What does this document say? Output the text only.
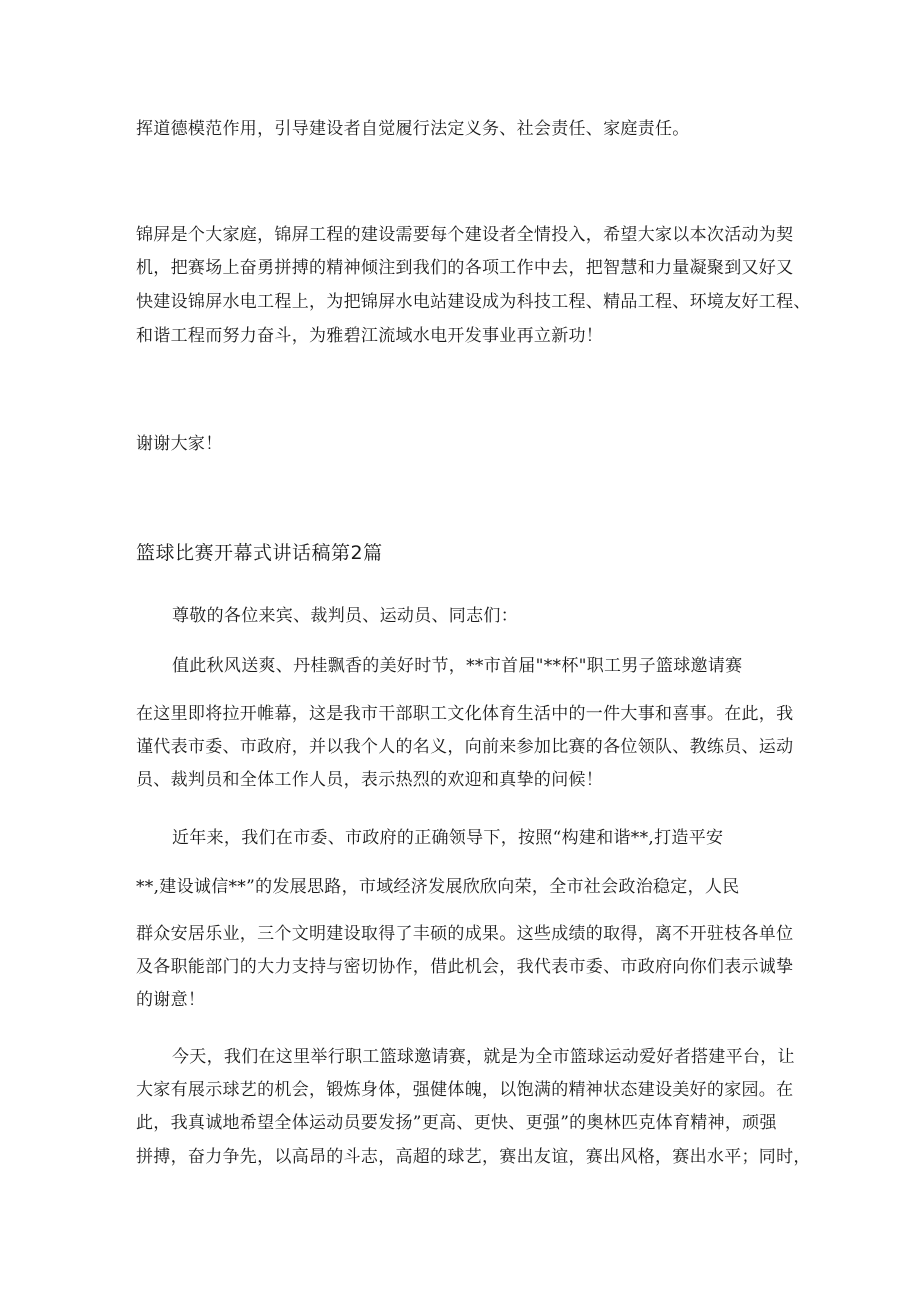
挥道德模范作用，引导建设者自觉履行法定义务、社会责任、家庭责任。
锦屏是个大家庭，锦屏工程的建设需要每个建设者全情投入，希望大家以本次活动为契
机，把赛场上奋勇拼搏的精神倾注到我们的各项工作中去，把智慧和力量凝聚到又好又
快建设锦屏水电工程上，为把锦屏水电站建设成为科技工程、精品工程、环境友好工程、
和谐工程而努力奋斗，为雅碧江流域水电开发事业再立新功！
谢谢大家！
篮球比赛开幕式讲话稿第2篇
尊敬的各位来宾、裁判员、运动员、同志们：
值此秋风送爽、丹桂飘香的美好时节，**市首届"**杯"职工男子篮球邀请赛
在这里即将拉开帷幕，这是我市干部职工文化体育生活中的一件大事和喜事。在此，我
谨代表市委、市政府，并以我个人的名义，向前来参加比赛的各位领队、教练员、运动
员、裁判员和全体工作人员，表示热烈的欢迎和真挚的问候！
近年来，我们在市委、市政府的正确领导下，按照“构建和谐**,打造平安
**,建设诚信**”的发展思路，市域经济发展欣欣向荣，全市社会政治稳定，人民
群众安居乐业，三个文明建设取得了丰硕的成果。这些成绩的取得，离不开驻枝各单位
及各职能部门的大力支持与密切协作，借此机会，我代表市委、市政府向你们表示诚挚
的谢意！
今天，我们在这里举行职工篮球邀请赛，就是为全市篮球运动爱好者搭建平台，让
大家有展示球艺的机会，锻炼身体，强健体魄，以饱满的精神状态建设美好的家园。在
此，我真诚地希望全体运动员要发扬”更高、更快、更强”的奥林匹克体育精神，顽强
拼搏，奋力争先，以高昂的斗志，高超的球艺，赛出友谊，赛出风格，赛出水平；同时，
